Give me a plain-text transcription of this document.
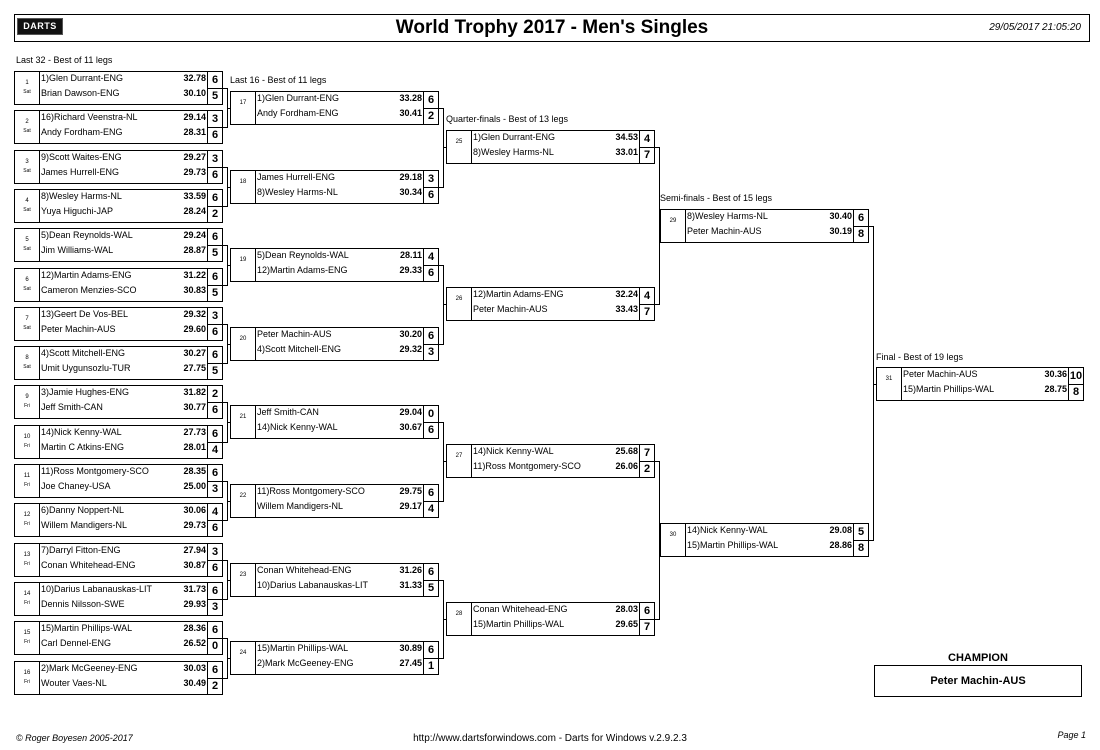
DARTS	World Trophy 2017 - Men's Singles	29/05/2017 21:05:20
Last 32 - Best of 11 legs
1
Sat
1)Glen Durrant-ENG	32.78 6
Brian Dawson-ENG	30.10 5
2
Sat
16)Richard Veenstra-NL	29.14 3
Andy Fordham-ENG	28.31 6
3
Sat
9)Scott Waites-ENG	29.27 3
James Hurrell-ENG	29.73 6
4
Sat
8)Wesley Harms-NL	33.59 6
Yuya Higuchi-JAP	28.24 2
5
Sat
5)Dean Reynolds-WAL	29.24 6
Jim Williams-WAL	28.87 5
6
Sat
12)Martin Adams-ENG	31.22 6
Cameron Menzies-SCO	30.83 5
7
Sat
13)Geert De Vos-BEL	29.32 3
Peter Machin-AUS	29.60 6
8
Sat
4)Scott Mitchell-ENG	30.27 6
Umit Uygunsozlu-TUR	27.75 5
9
Fri
3)Jamie Hughes-ENG	31.82 2
Jeff Smith-CAN	30.77 6
10
Fri
14)Nick Kenny-WAL	27.73 6
Martin C Atkins-ENG	28.01 4
11
Fri
11)Ross Montgomery-SCO	28.35 6
Joe Chaney-USA	25.00 3
12
Fri
6)Danny Noppert-NL	30.06 4
Willem Mandigers-NL	29.73 6
13
Fri
7)Darryl Fitton-ENG	27.94 3
Conan Whitehead-ENG	30.87 6
14
Fri
10)Darius Labanauskas-LIT	31.73 6
Dennis Nilsson-SWE	29.93 3
15
Fri
15)Martin Phillips-WAL	28.36 6
Carl Dennel-ENG	26.52 0
16
Fri
2)Mark McGeeney-ENG	30.03 6
Wouter Vaes-NL	30.49 2
Last 16 - Best of 11 legs
17	1)Glen Durrant-ENG	33.28 6
Andy Fordham-ENG	30.41 2
18	James Hurrell-ENG	29.18 3
8)Wesley Harms-NL	30.34 6
19	5)Dean Reynolds-WAL	28.11 4
12)Martin Adams-ENG	29.33 6
20	Peter Machin-AUS	30.20 6
4)Scott Mitchell-ENG	29.32 3
21	Jeff Smith-CAN	29.04 0
14)Nick Kenny-WAL	30.67 6
22	11)Ross Montgomery-SCO	29.75 6
Willem Mandigers-NL	29.17 4
23	Conan Whitehead-ENG	31.26 6
10)Darius Labanauskas-LIT	31.33 5
24	15)Martin Phillips-WAL	30.89 6
2)Mark McGeeney-ENG	27.45 1
Quarter-finals - Best of 13 legs
25	1)Glen Durrant-ENG	34.53 4
8)Wesley Harms-NL	33.01 7
26	12)Martin Adams-ENG	32.24 4
Peter Machin-AUS	33.43 7
27	14)Nick Kenny-WAL	25.68 7
11)Ross Montgomery-SCO	26.06 2
28	Conan Whitehead-ENG	28.03 6
15)Martin Phillips-WAL	29.65 7
Semi-finals - Best of 15 legs
29	8)Wesley Harms-NL	30.40 6
Peter Machin-AUS	30.19 8
30	14)Nick Kenny-WAL	29.08 5
15)Martin Phillips-WAL	28.86 8
Final - Best of 19 legs
31	Peter Machin-AUS	30.36 10
15)Martin Phillips-WAL	28.75 8
CHAMPION
Peter Machin-AUS
© Roger Boyesen 2005-2017	http://www.dartsforwindows.com - Darts for Windows v.2.9.2.3	Page 1
